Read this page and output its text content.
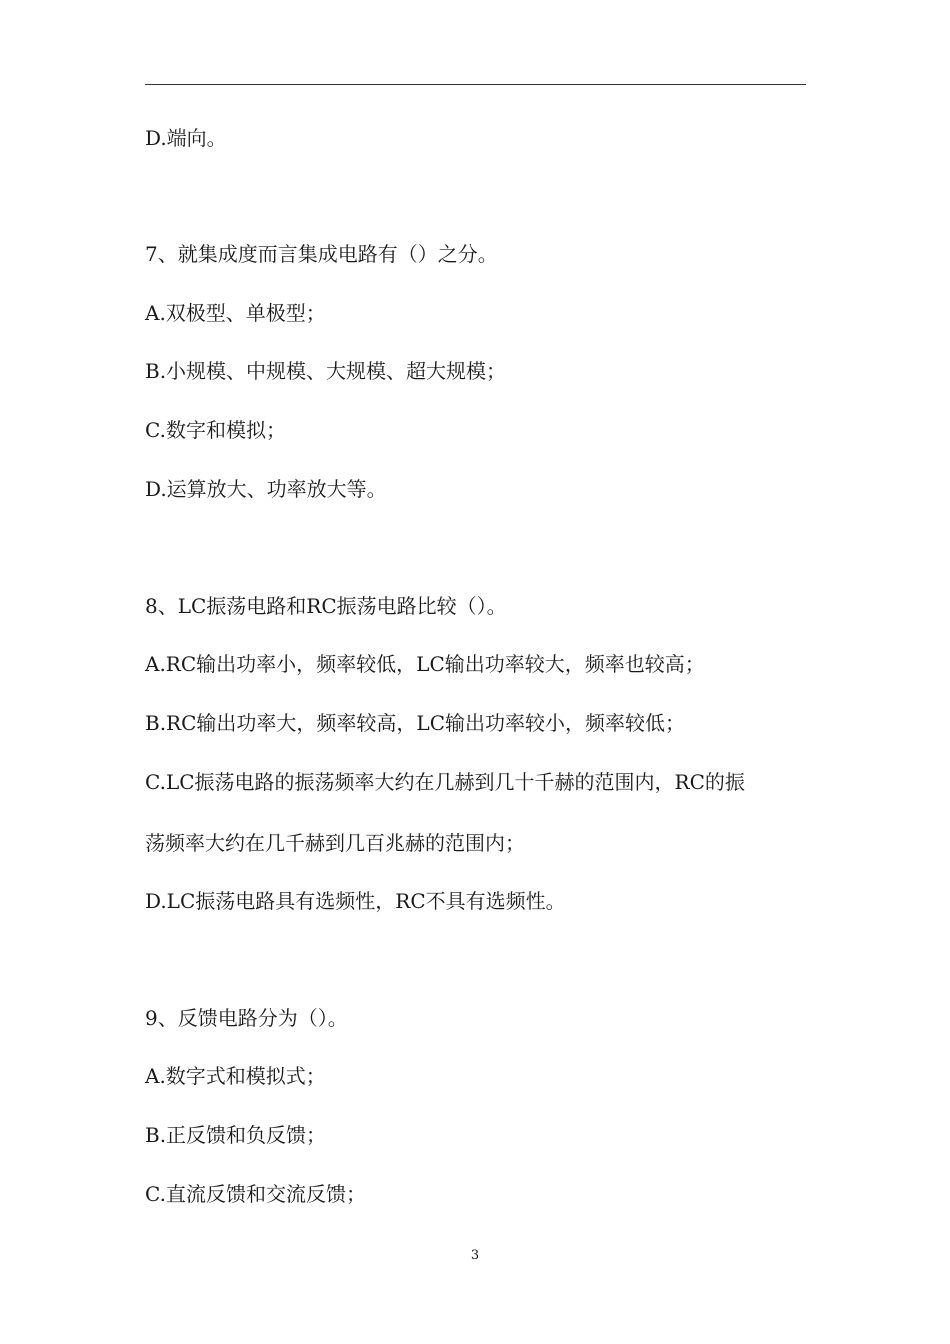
D.端向。
7、就集成度而言集成电路有（）之分。
A.双极型、单极型；
B.小规模、中规模、大规模、超大规模；
C.数字和模拟；
D.运算放大、功率放大等。
8、LC振荡电路和RC振荡电路比较（）。
A.RC输出功率小，频率较低，LC输出功率较大，频率也较高；
B.RC输出功率大，频率较高，LC输出功率较小，频率较低；
C.LC振荡电路的振荡频率大约在几赫到几十千赫的范围内，RC的振
荡频率大约在几千赫到几百兆赫的范围内；
D.LC振荡电路具有选频性，RC不具有选频性。
9、反馈电路分为（）。
A.数字式和模拟式；
B.正反馈和负反馈；
C.直流反馈和交流反馈；
3
